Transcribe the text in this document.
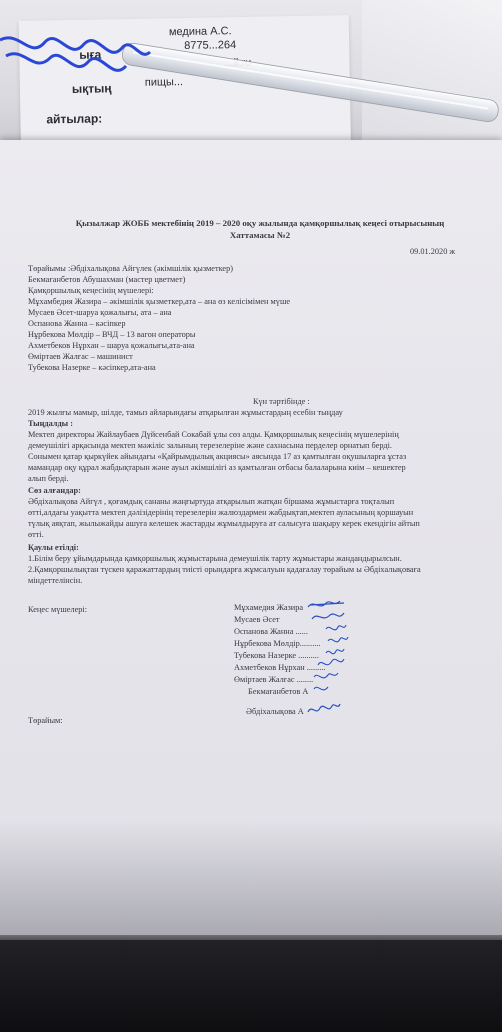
медина А.С.
ыға
8775...264
ықтың	пищы...
айтылар:
Қызылжар ЖОББ мектебінің 2019 – 2020 оқу жылында қамқоршылық кеңесі отырысының
Хаттамасы №2
09.01.2020 ж
Төрайымы :Әбдіхалықова Айгүлек (әкімшілік қызметкер)
Бекмағанбетов Абушахман (мастер цветмет)
Қамқоршылық кеңесінің мүшелері:
Мұхамбедия Жазира – әкімшілік қызметкер,ата – ана өз келісімімен мүше
Мусаев Әсет-шаруа қожалығы, ата – ана
Оспанова Жанна – кәсіпкер
Нұрбекова Мөлдір – ВЧД – 13 вагон операторы
Ахметбеков Нұрхан – шаруа қожалығы,ата-ана
Өміртаев Жалғас – машинист
Тубекова Назерке – кәсіпкер,ата-ана
Күн тәртібінде :
2019 жылғы мамыр, шілде, тамыз айларындағы атқарылған жұмыстардың есебін тыңдау
Тыңдалды :
Мектеп директоры Жайлаубаев Дүйсенбай Сокабай ұлы сөз алды. Қамқоршылық кеңесінің мүшелерінің
демеушілігі арқасында мектеп мәжіліс залының терезелеріне және сахнасына перделер орнатып берді.
Сонымен қатар қыркүйек айындағы «Қайрымдылық акциясы» аясында 17 аз қамтылған оқушыларға ұстаз
мамандар оқу құрал жабдықтарын және ауыл әкімшілігі аз қамтылған отбасы балаларына киім – кешектер
алып берді.
Сөз алғандар:
Әбдіхалықова Айгүл , қоғамдық сананы жаңғыртуда атқарылып жатқан біршама жұмыстарға тоқталып
өтті,алдағы уақытта мектеп дәлізідерінің терезелерін жалюздармен жабдықтап,мектеп ауласының қоршауын
түлық аяқтап, жылыжайды ашуға келешек жастарды жұмылдыруға ат салысуға шақыру керек екендігін айтып
өтті.
Қаулы етілді:
1.Білім беру ұйымдарында қамқоршылық жұмыстарына демеушілік тарту жұмыстары жандандырылсын.
2.Қамқоршылықтан түскен қаражаттардың тиісті орындарға жұмсалуын қадағалау төрайым ы Әбдіхалықоваға
міндеттелінсін.
Кеңес мүшелері:	Мұхамедия Жазира
Мусаев Әсет
Оспанова Жанна ......
Нұрбекова Мөлдір..........
Тубекова Назерке ..........
Ахметбеков Нұрхан .........
Өміртаев Жалғас ........
Бекмағанбетов А
Төрайым:
Әбдіхалықова А
